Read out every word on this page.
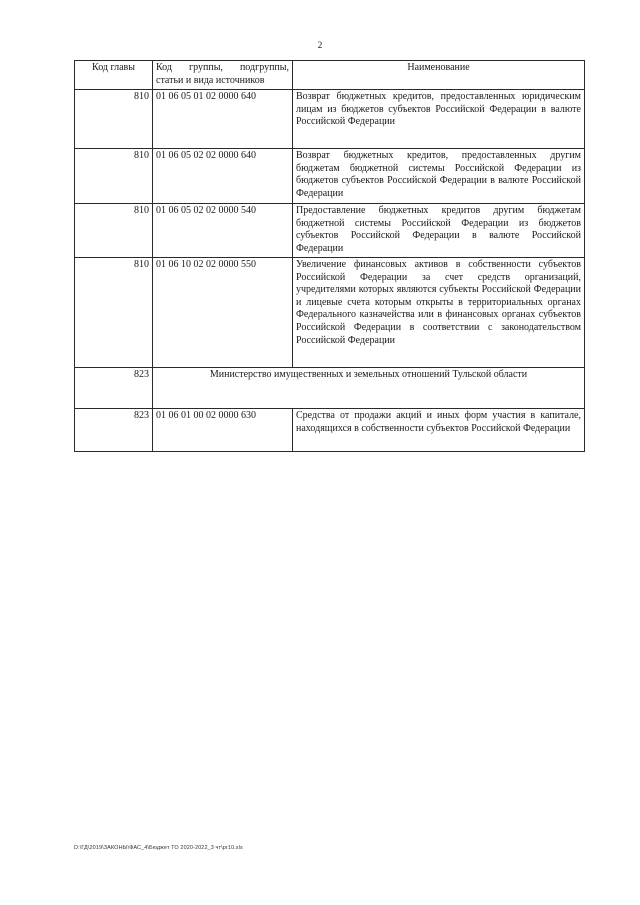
2
Код главы	Код группы, подгруппы, статьи и вида источников	Наименование
810	01 06 05 01 02 0000 640	Возврат бюджетных кредитов, предоставленных юридическим лицам из бюджетов субъектов Российской Федерации в валюте Российской Федерации
810	01 06 05 02 02 0000 640	Возврат бюджетных кредитов, предоставленных другим бюджетам бюджетной системы Российской Федерации из бюджетов субъектов Российской Федерации в валюте Российской Федерации
810	01 06 05 02 02 0000 540	Предоставление бюджетных кредитов другим бюджетам бюджетной системы Российской Федерации из бюджетов субъектов Российской Федерации в валюте Российской Федерации
810	01 06 10 02 02 0000 550	Увеличение финансовых активов в собственности субъектов Российской Федерации за счет средств организаций, учредителями которых являются субъекты Российской Федерации и лицевые счета которым открыты в территориальных органах Федерального казначейства или в финансовых органах субъектов Российской Федерации в соответствии с законодательством Российской Федерации
823	Министерство имущественных и земельных отношений Тульской области	
823	01 06 01 00 02 0000 630	Средства от продажи акций и иных форм участия в капитале, находящихся в собственности субъектов Российской Федерации
D:\ГД\2019\ЗАКОНЫ\ФАС_4\Бюджет ТО 2020-2022_3 чт\pr10.xls
